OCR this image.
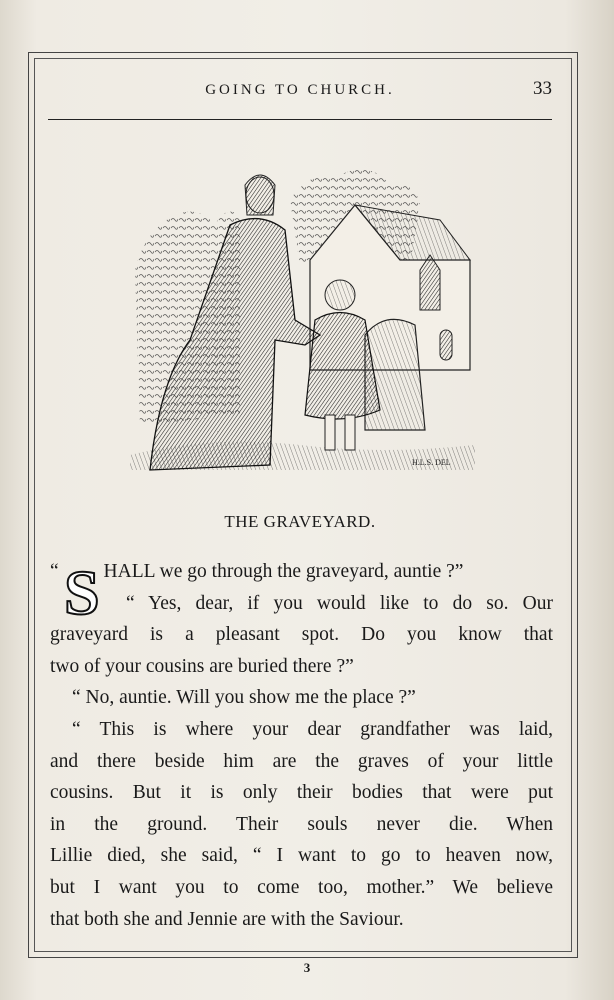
GOING TO CHURCH.	33
H.L.S. DEL
THE GRAVEYARD.
“ HALL we go through the graveyard, auntie ?”
S	“ Yes, dear, if you would like to do so. Our
graveyard is a pleasant spot. Do you know that
two of your cousins are buried there ?”
“ No, auntie. Will you show me the place ?”
“ This is where your dear grandfather was laid,
and there beside him are the graves of your little
cousins. But it is only their bodies that were put
in the ground. Their souls never die. When
Lillie died, she said, “ I want to go to heaven now,
but I want you to come too, mother.” We believe
that both she and Jennie are with the Saviour.
3
